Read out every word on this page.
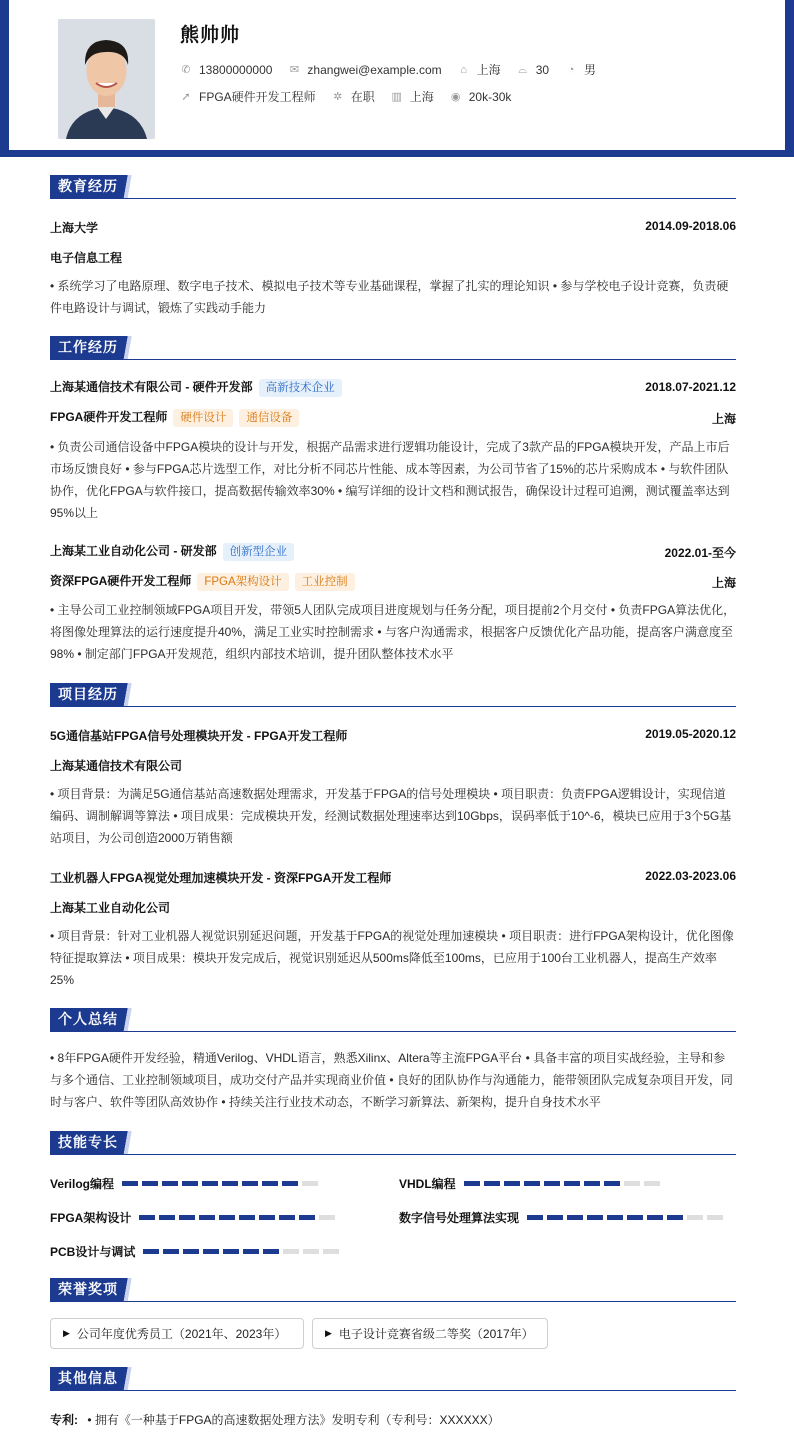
熊帅帅
✆ 13800000000 ✉ zhangwei@example.com ⌂ 上海 ⌓ 30 ◔ 男
➚ FPGA硬件开发工程师 ✲ 在职 ▥ 上海 ◉ 20k-30k
教育经历
上海大学	2014.09-2018.06
电子信息工程
• 系统学习了电路原理、数字电子技术、模拟电子技术等专业基础课程，掌握了扎实的理论知识 • 参与学校电子设计竞赛，负责硬件电路设计与调试，锻炼了实践动手能力
工作经历
上海某通信技术有限公司 - 硬件开发部 高新技术企业	2018.07-2021.12
FPGA硬件开发工程师 硬件设计 通信设备	上海
• 负责公司通信设备中FPGA模块的设计与开发，根据产品需求进行逻辑功能设计，完成了3款产品的FPGA模块开发，产品上市后市场反馈良好 • 参与FPGA芯片选型工作，对比分析不同芯片性能、成本等因素，为公司节省了15%的芯片采购成本 • 与软件团队协作，优化FPGA与软件接口，提高数据传输效率30% • 编写详细的设计文档和测试报告，确保设计过程可追溯，测试覆盖率达到95%以上
上海某工业自动化公司 - 研发部 创新型企业	2022.01-至今
资深FPGA硬件开发工程师 FPGA架构设计 工业控制	上海
• 主导公司工业控制领域FPGA项目开发，带领5人团队完成项目进度规划与任务分配，项目提前2个月交付 • 负责FPGA算法优化，将图像处理算法的运行速度提升40%，满足工业实时控制需求 • 与客户沟通需求，根据客户反馈优化产品功能，提高客户满意度至98% • 制定部门FPGA开发规范，组织内部技术培训，提升团队整体技术水平
项目经历
5G通信基站FPGA信号处理模块开发 - FPGA开发工程师	2019.05-2020.12
上海某通信技术有限公司
• 项目背景：为满足5G通信基站高速数据处理需求，开发基于FPGA的信号处理模块 • 项目职责：负责FPGA逻辑设计，实现信道编码、调制解调等算法 • 项目成果：完成模块开发，经测试数据处理速率达到10Gbps，误码率低于10^-6，模块已应用于3个5G基站项目，为公司创造2000万销售额
工业机器人FPGA视觉处理加速模块开发 - 资深FPGA开发工程师	2022.03-2023.06
上海某工业自动化公司
• 项目背景：针对工业机器人视觉识别延迟问题，开发基于FPGA的视觉处理加速模块 • 项目职责：进行FPGA架构设计，优化图像特征提取算法 • 项目成果：模块开发完成后，视觉识别延迟从500ms降低至100ms，已应用于100台工业机器人，提高生产效率25%
个人总结
• 8年FPGA硬件开发经验，精通Verilog、VHDL语言，熟悉Xilinx、Altera等主流FPGA平台 • 具备丰富的项目实战经验，主导和参与多个通信、工业控制领域项目，成功交付产品并实现商业价值 • 良好的团队协作与沟通能力，能带领团队完成复杂项目开发，同时与客户、软件等团队高效协作 • 持续关注行业技术动态，不断学习新算法、新架构，提升自身技术水平
技能专长
Verilog编程	VHDL编程
FPGA架构设计	数字信号处理算法实现
PCB设计与调试
荣誉奖项
▶ 公司年度优秀员工（2021年、2023年）	▶ 电子设计竞赛省级二等奖（2017年）
其他信息
专利: • 拥有《一种基于FPGA的高速数据处理方法》发明专利（专利号：XXXXXX）
